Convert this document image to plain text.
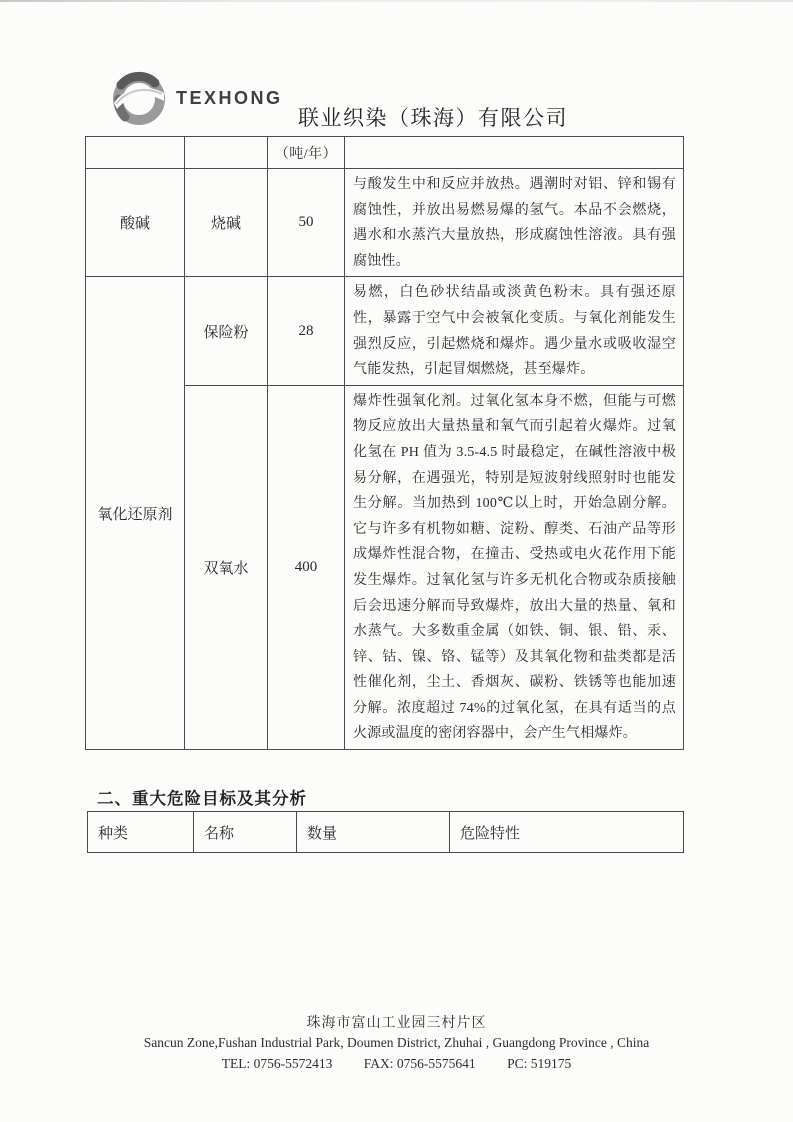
TEXHONG
联业织染（珠海）有限公司
		（吨/年）	
酸碱	烧碱	50	与酸发生中和反应并放热。遇潮时对铝、锌和锡有腐蚀性，并放出易燃易爆的氢气。本品不会燃烧，遇水和水蒸汽大量放热，形成腐蚀性溶液。具有强腐蚀性。
氧化还原剂	保险粉	28	易燃，白色砂状结晶或淡黄色粉末。具有强还原性，暴露于空气中会被氧化变质。与氧化剂能发生强烈反应，引起燃烧和爆炸。遇少量水或吸收湿空气能发热，引起冒烟燃烧，甚至爆炸。
	双氧水	400	爆炸性强氧化剂。过氧化氢本身不燃，但能与可燃物反应放出大量热量和氧气而引起着火爆炸。过氧化氢在 PH 值为 3.5-4.5 时最稳定，在碱性溶液中极易分解，在遇强光，特别是短波射线照射时也能发生分解。当加热到 100℃以上时，开始急剧分解。它与许多有机物如糖、淀粉、醇类、石油产品等形成爆炸性混合物，在撞击、受热或电火花作用下能发生爆炸。过氧化氢与许多无机化合物或杂质接触后会迅速分解而导致爆炸，放出大量的热量、氧和水蒸气。大多数重金属（如铁、铜、银、铅、汞、锌、钴、镍、铬、锰等）及其氧化物和盐类都是活性催化剂，尘土、香烟灰、碳粉、铁锈等也能加速分解。浓度超过 74%的过氧化氢，在具有适当的点火源或温度的密闭容器中，会产生气相爆炸。
二、重大危险目标及其分析
种类	名称	数量	危险特性
珠海市富山工业园三村片区
Sancun Zone,Fushan Industrial Park, Doumen District, Zhuhai , Guangdong Province , China
TEL: 0756-5572413 FAX: 0756-5575641 PC: 519175
